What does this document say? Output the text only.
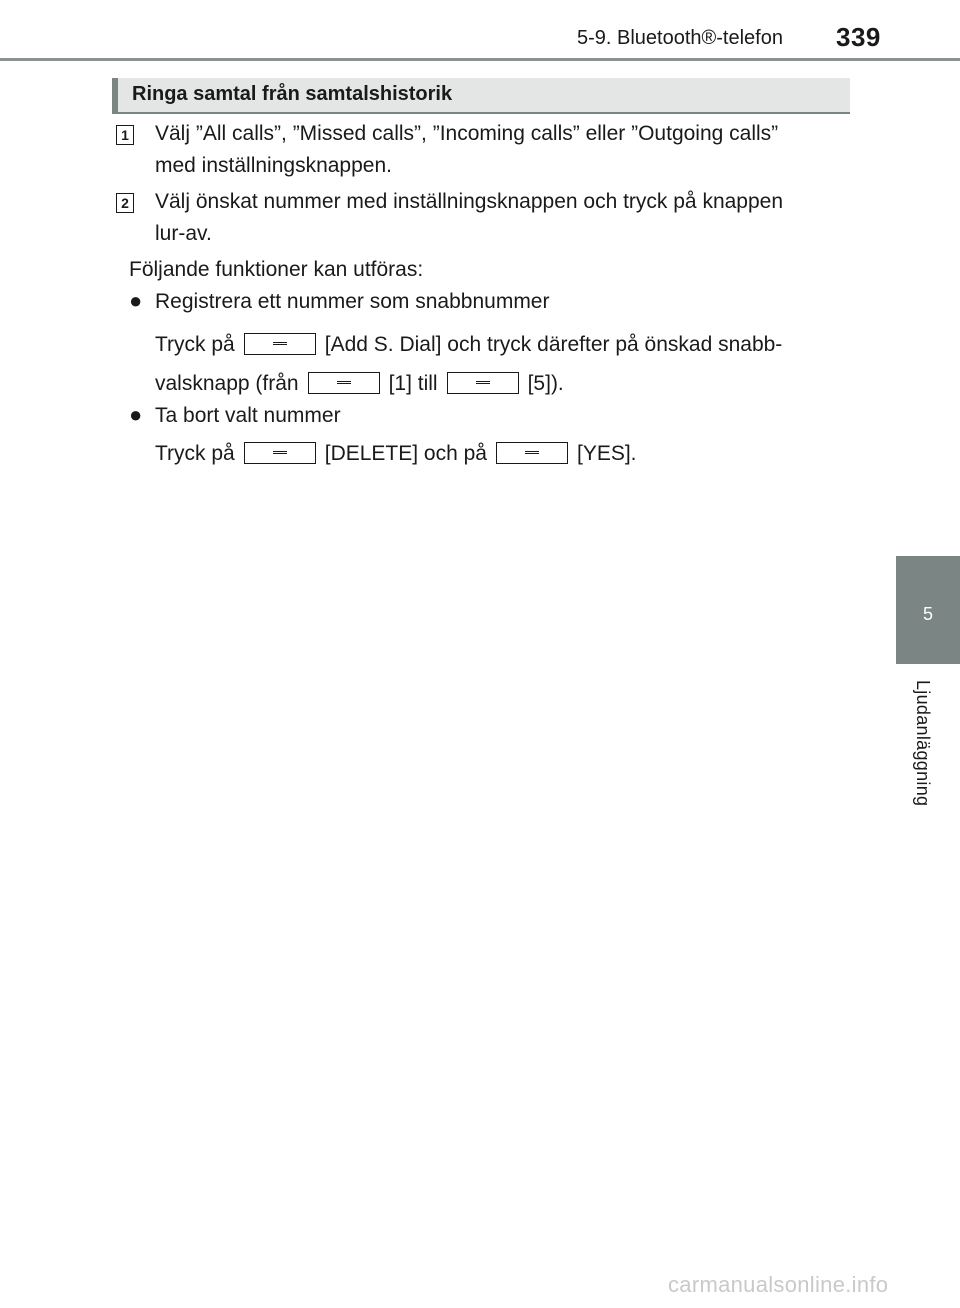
5-9. Bluetooth®-telefon 339
5
Ljudanläggning
Ringa samtal från samtalshistorik
1 Välj ”All calls”, ”Missed calls”, ”Incoming calls” eller ”Outgoing calls”
med inställningsknappen.
2 Välj önskat nummer med inställningsknappen och tryck på knappen
lur-av.
Följande funktioner kan utföras:
● Registrera ett nummer som snabbnummer
Tryck på	[Add S. Dial] och tryck därefter på önskad snabb-
valsknapp (från	[1] till	[5]).
● Ta bort valt nummer
Tryck på	[DELETE] och på	[YES].
carmanualsonline.info
